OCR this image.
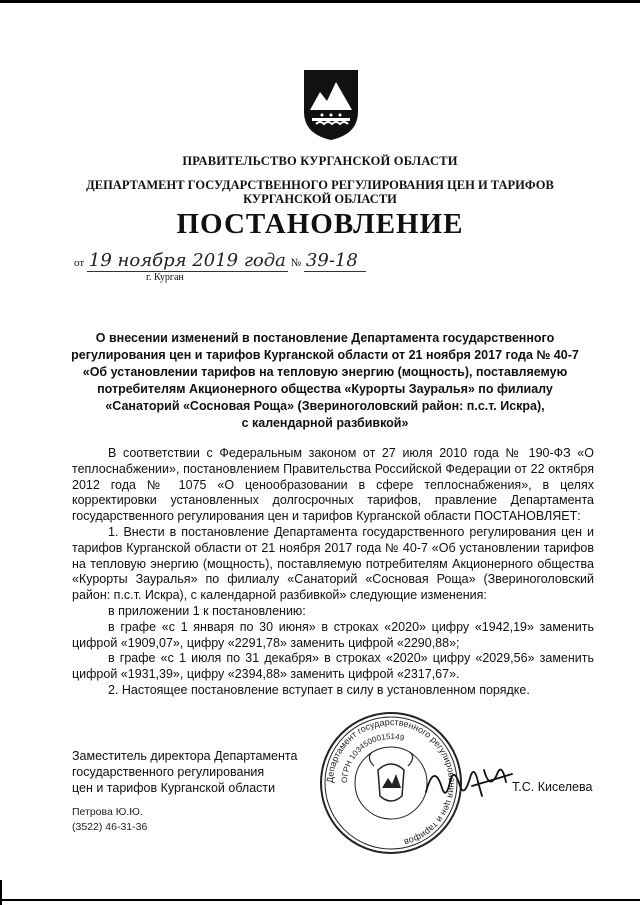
ПРАВИТЕЛЬСТВО КУРГАНСКОЙ ОБЛАСТИ
ДЕПАРТАМЕНТ ГОСУДАРСТВЕННОГО РЕГУЛИРОВАНИЯ ЦЕН И ТАРИФОВ
КУРГАНСКОЙ ОБЛАСТИ
ПОСТАНОВЛЕНИЕ
от 19 ноября 2019 года № 39-18
г. Курган
О внесении изменений в постановление Департамента государственного
регулирования цен и тарифов Курганской области от 21 ноября 2017 года № 40-7
«Об установлении тарифов на тепловую энергию (мощность), поставляемую
потребителям Акционерного общества «Курорты Зауралья» по филиалу
«Санаторий «Сосновая Роща» (Звериноголовский район: п.с.т. Искра),
с календарной разбивкой»

В соответствии с Федеральным законом от 27 июля 2010 года № 190-ФЗ «О теплоснабжении», постановлением Правительства Российской Федерации от 22 октября 2012 года № 1075 «О ценообразовании в сфере теплоснабжения», в целях корректировки установленных долгосрочных тарифов, правление Департамента государственного регулирования цен и тарифов Курганской области ПОСТАНОВЛЯЕТ:

1. Внести в постановление Департамента государственного регулирования цен и тарифов Курганской области от 21 ноября 2017 года № 40-7 «Об установлении тарифов на тепловую энергию (мощность), поставляемую потребителям Акционерного общества «Курорты Зауралья» по филиалу «Санаторий «Сосновая Роща» (Звериноголовский район: п.с.т. Искра), с календарной разбивкой» следующие изменения:

в приложении 1 к постановлению:

в графе «с 1 января по 30 июня» в строках «2020» цифру «1942,19» заменить цифрой «1909,07», цифру «2291,78» заменить цифрой «2290,88»;

в графе «с 1 июля по 31 декабря» в строках «2020» цифру «2029,56» заменить цифрой «1931,39», цифру «2394,88» заменить цифрой «2317,67».

2. Настоящее постановление вступает в силу в установленном порядке.

Заместитель директора Департамента
государственного регулирования
цен и тарифов Курганской области
Департамент государственного регулирования цен и тарифов
ОГРН 1034500015149
Т.С. Киселева
Петрова Ю.Ю.
(3522) 46-31-36
